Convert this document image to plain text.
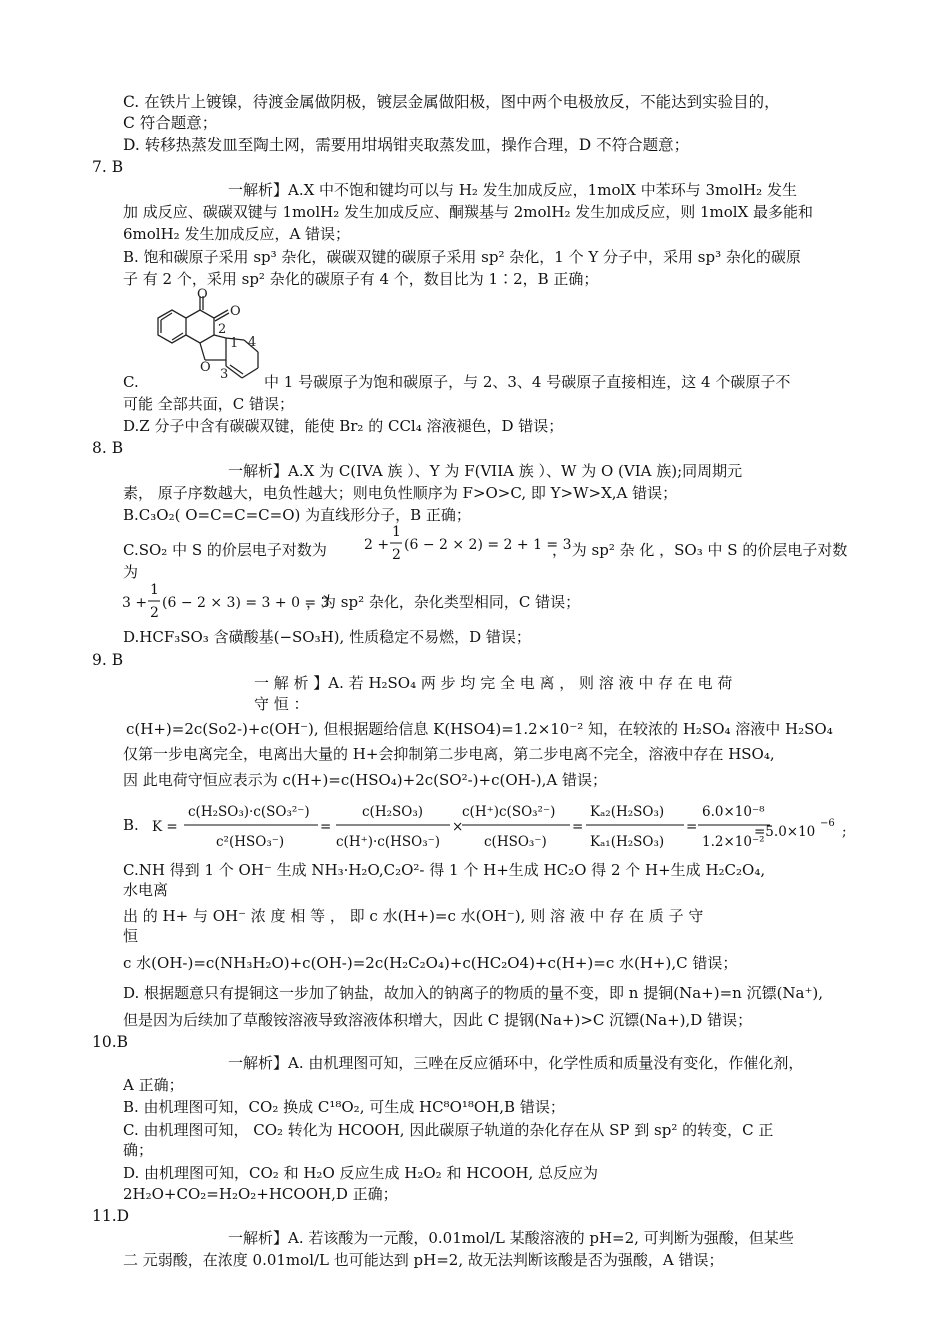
C. 在铁片上镀镍，待渡金属做阴极，镀层金属做阳极，图中两个电极放反，不能达到实验目的，
C 符合题意；
D. 转移热蒸发皿至陶土网，需要用坩埚钳夹取蒸发皿，操作合理，D 不符合题意；
7. B
一解析】A.X 中不饱和键均可以与 H₂ 发生加成反应，1molX 中苯环与 3molH₂ 发生
加 成反应、碳碳双键与 1molH₂ 发生加成反应、酮羰基与 2molH₂ 发生加成反应，则 1molX 最多能和
6molH₂ 发生加成反应，A 错误；
B. 饱和碳原子采用 sp³ 杂化，碳碳双键的碳原子采用 sp² 杂化，1 个 Y 分子中，采用 sp³ 杂化的碳原
子 有 2 个，采用 sp² 杂化的碳原子有 4 个，数目比为 1∶2，B 正确；
O
O
2
1 4
O 3
C.	中 1 号碳原子为饱和碳原子，与 2、3、4 号碳原子直接相连，这 4 个碳原子不
可能 全部共面，C 错误；
D.Z 分子中含有碳碳双键，能使 Br₂ 的 CCl₄ 溶液褪色，D 错误；
8. B
一解析】A.X 为 C(IVA 族 ）、Y 为 F(VIIA 族 ）、W 为 O (VIA 族);同周期元
素， 原子序数越大，电负性越大；则电负性顺序为 F>O>C, 即 Y>W>X,A 错误；
B.C₃O₂( O=C=C=C=O) 为直线形分子，B 正确；
C.SO₂ 中 S 的价层电子对数为	2 +
1
2
(6 − 2 × 2) = 2 + 1 = 3
， 为 sp² 杂 化 ，SO₃ 中 S 的价层电子对数
为
3 +
1
2
(6 − 2 × 3) = 3 + 0 = 3
，为 sp² 杂化，杂化类型相同，C 错误；
D.HCF₃SO₃ 含磺酸基(−SO₃H), 性质稳定不易燃，D 错误；
9. B
一 解 析 】A. 若 H₂SO₄ 两 步 均 完 全 电 离 ， 则 溶 液 中 存 在 电 荷
守 恒 ：
c(H+)=2c(So2-)+c(OH⁻), 但根据题给信息 K(HSO4)=1.2×10⁻² 知，在较浓的 H₂SO₄ 溶液中 H₂SO₄
仅第一步电离完全，电离出大量的 H+会抑制第二步电离，第二步电离不完全，溶液中存在 HSO₄,
因 此电荷守恒应表示为 c(H+)=c(HSO₄)+2c(SO²-)+c(OH-),A 错误；
B. K =
c(H₂SO₃)·c(SO₃²⁻)
c²(HSO₃⁻)
=
c(H₂SO₃)
c(H⁺)·c(HSO₃⁻)
×
c(H⁺)c(SO₃²⁻)
c(HSO₃⁻)
=
Kₐ₂(H₂SO₃)
Kₐ₁(H₂SO₃)
=
6.0×10⁻⁸
1.2×10⁻²
=5.0×10
−6
;
C.NH 得到 1 个 OH⁻ 生成 NH₃·H₂O,C₂O²- 得 1 个 H+生成 HC₂O 得 2 个 H+生成 H₂C₂O₄,
水电离
出 的 H+ 与 OH⁻ 浓 度 相 等 ， 即 c 水(H+)=c 水(OH⁻), 则 溶 液 中 存 在 质 子 守
恒
c 水(OH-)=c(NH₃H₂O)+c(OH-)=2c(H₂C₂O₄)+c(HC₂O4)+c(H+)=c 水(H+),C 错误；
D. 根据题意只有提铜这一步加了钠盐，故加入的钠离子的物质的量不变，即 n 提铜(Na+)=n 沉镖(Na⁺),
但是因为后续加了草酸铵溶液导致溶液体积增大，因此 C 提钢(Na+)>C 沉镖(Na+),D 错误；
10.B
一解析】A. 由机理图可知，三唑在反应循环中，化学性质和质量没有变化，作催化剂，
A 正确；
B. 由机理图可知，CO₂ 换成 C¹⁸O₂, 可生成 HC⁸O¹⁸OH,B 错误；
C. 由机理图可知， CO₂ 转化为 HCOOH, 因此碳原子轨道的杂化存在从 SP 到 sp² 的转变，C 正
确；
D. 由机理图可知，CO₂ 和 H₂O 反应生成 H₂O₂ 和 HCOOH, 总反应为
2H₂O+CO₂=H₂O₂+HCOOH,D 正确；
11.D
一解析】A. 若该酸为一元酸，0.01mol/L 某酸溶液的 pH=2, 可判断为强酸，但某些
二 元弱酸，在浓度 0.01mol/L 也可能达到 pH=2, 故无法判断该酸是否为强酸，A 错误；
